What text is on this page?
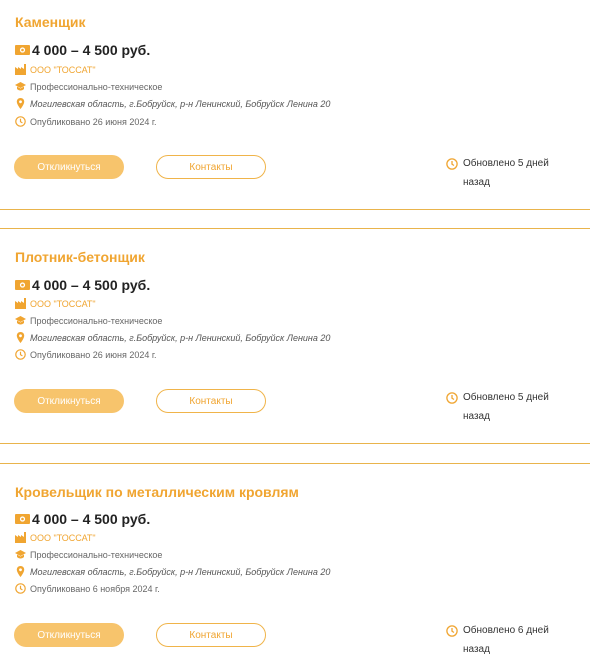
Каменщик
4 000 – 4 500 руб.
ООО "ТОССАТ"
Профессионально-техническое
Могилевская область, г.Бобруйск, р-н Ленинский, Бобруйск Ленина 20
Опубликовано 26 июня 2024 г.
Откликнуться	Контакты	Обновлено 5 дней назад
Плотник-бетонщик
4 000 – 4 500 руб.
ООО "ТОССАТ"
Профессионально-техническое
Могилевская область, г.Бобруйск, р-н Ленинский, Бобруйск Ленина 20
Опубликовано 26 июня 2024 г.
Откликнуться	Контакты	Обновлено 5 дней назад
Кровельщик по металлическим кровлям
4 000 – 4 500 руб.
ООО "ТОССАТ"
Профессионально-техническое
Могилевская область, г.Бобруйск, р-н Ленинский, Бобруйск Ленина 20
Опубликовано 6 ноября 2024 г.
Откликнуться	Контакты	Обновлено 6 дней назад
